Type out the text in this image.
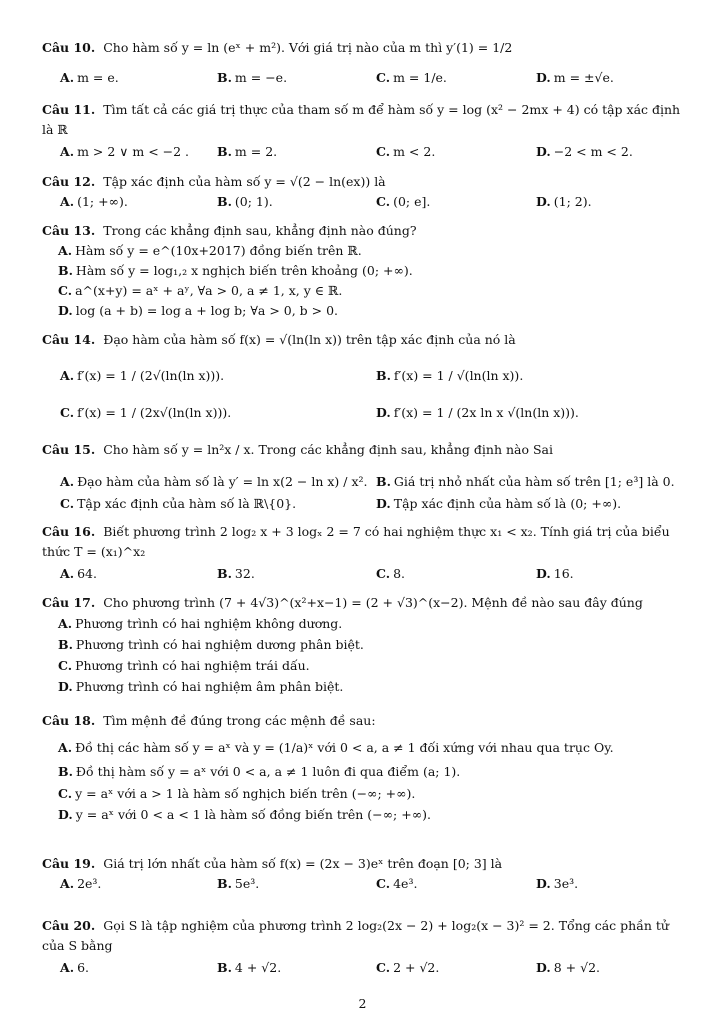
Câu 10. Cho hàm số y = ln (eˣ + m²). Với giá trị nào của m thì y′(1) = 1/2
A. m = e.	B. m = −e.	C. m = 1/e.	D. m = ±√e.
Câu 11. Tìm tất cả các giá trị thực của tham số m để hàm số y = log (x² − 2mx + 4) có tập xác định là ℝ
A. m > 2 ∨ m < −2 . B. m = 2.	C. m < 2.	D. −2 < m < 2.
Câu 12. Tập xác định của hàm số y = √(2 − ln(ex)) là
A. (1; +∞).	B. (0; 1).	C. (0; e].	D. (1; 2).
Câu 13. Trong các khẳng định sau, khẳng định nào đúng?
A. Hàm số y = e^(10x+2017) đồng biến trên ℝ.
B. Hàm số y = log₁,₂ x nghịch biến trên khoảng (0; +∞).
C. a^(x+y) = aˣ + aʸ, ∀a > 0, a ≠ 1, x, y ∈ ℝ.
D. log (a + b) = log a + log b; ∀a > 0, b > 0.
Câu 14. Đạo hàm của hàm số f(x) = √(ln(ln x)) trên tập xác định của nó là
A. f′(x) = 1 / (2√(ln(ln x))).	B. f′(x) = 1 / √(ln(ln x)).
C. f′(x) = 1 / (2x√(ln(ln x))).	D. f′(x) = 1 / (2x ln x √(ln(ln x))).
Câu 15. Cho hàm số y = ln²x / x. Trong các khẳng định sau, khẳng định nào Sai
A. Đạo hàm của hàm số là y′ = ln x(2 − ln x) / x². B. Giá trị nhỏ nhất của hàm số trên [1; e³] là 0.
C. Tập xác định của hàm số là ℝ\{0}.	D. Tập xác định của hàm số là (0; +∞).
Câu 16. Biết phương trình 2 log₂ x + 3 logₓ 2 = 7 có hai nghiệm thực x₁ < x₂. Tính giá trị của biểu thức T = (x₁)^x₂
A. 64.	B. 32.	C. 8.	D. 16.
Câu 17. Cho phương trình (7 + 4√3)^(x²+x−1) = (2 + √3)^(x−2). Mệnh đề nào sau đây đúng
A. Phương trình có hai nghiệm không dương.
B. Phương trình có hai nghiệm dương phân biệt.
C. Phương trình có hai nghiệm trái dấu.
D. Phương trình có hai nghiệm âm phân biệt.
Câu 18. Tìm mệnh đề đúng trong các mệnh đề sau:
A. Đồ thị các hàm số y = aˣ và y = (1/a)ˣ với 0 < a, a ≠ 1 đối xứng với nhau qua trục Oy.
B. Đồ thị hàm số y = aˣ với 0 < a, a ≠ 1 luôn đi qua điểm (a; 1).
C. y = aˣ với a > 1 là hàm số nghịch biến trên (−∞; +∞).
D. y = aˣ với 0 < a < 1 là hàm số đồng biến trên (−∞; +∞).
Câu 19. Giá trị lớn nhất của hàm số f(x) = (2x − 3)eˣ trên đoạn [0; 3] là
A. 2e³.	B. 5e³.	C. 4e³.	D. 3e³.
Câu 20. Gọi S là tập nghiệm của phương trình 2 log₂(2x − 2) + log₂(x − 3)² = 2. Tổng các phần tử của S bằng
A. 6.	B. 4 + √2.	C. 2 + √2.	D. 8 + √2.
2
